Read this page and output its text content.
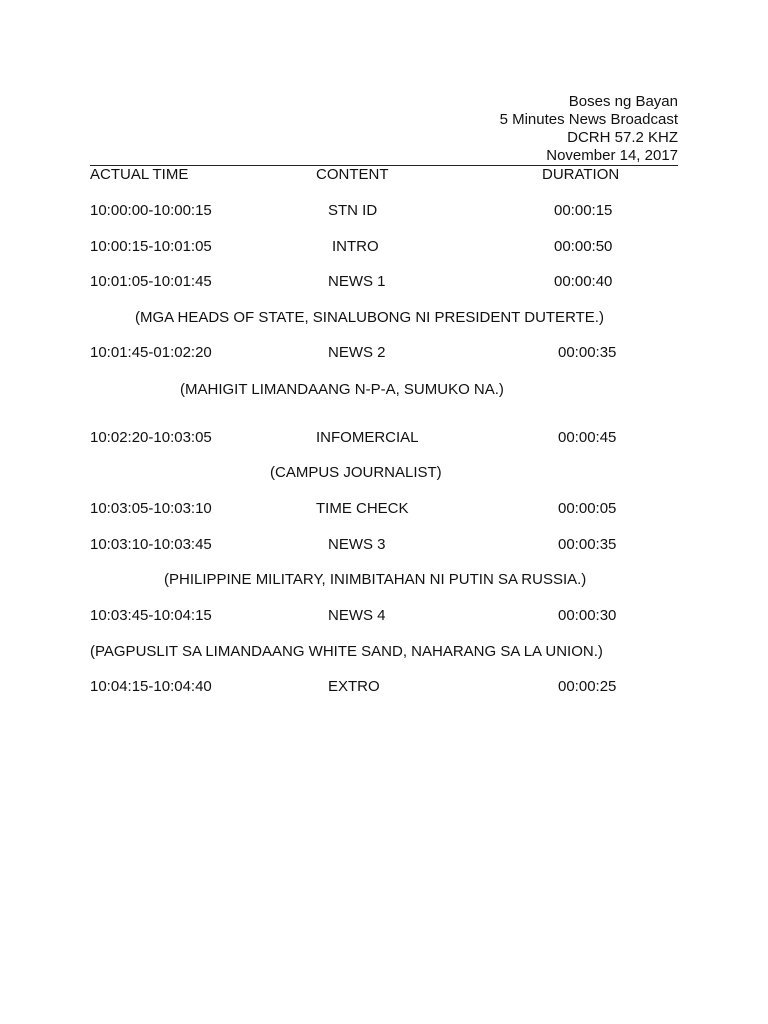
Boses ng Bayan
5 Minutes News Broadcast
DCRH 57.2 KHZ
November 14, 2017
ACTUAL TIME	CONTENT	DURATION
10:00:00-10:00:15	STN ID	00:00:15
10:00:15-10:01:05	INTRO	00:00:50
10:01:05-10:01:45	NEWS 1	00:00:40
(MGA HEADS OF STATE, SINALUBONG NI PRESIDENT DUTERTE.)
10:01:45-01:02:20	NEWS 2	00:00:35
(MAHIGIT LIMANDAANG N-P-A, SUMUKO NA.)
10:02:20-10:03:05	INFOMERCIAL	00:00:45
(CAMPUS JOURNALIST)
10:03:05-10:03:10	TIME CHECK	00:00:05
10:03:10-10:03:45	NEWS 3	00:00:35
(PHILIPPINE MILITARY, INIMBITAHAN NI PUTIN SA RUSSIA.)
10:03:45-10:04:15	NEWS 4	00:00:30
(PAGPUSLIT SA LIMANDAANG WHITE SAND, NAHARANG SA LA UNION.)
10:04:15-10:04:40	EXTRO	00:00:25
